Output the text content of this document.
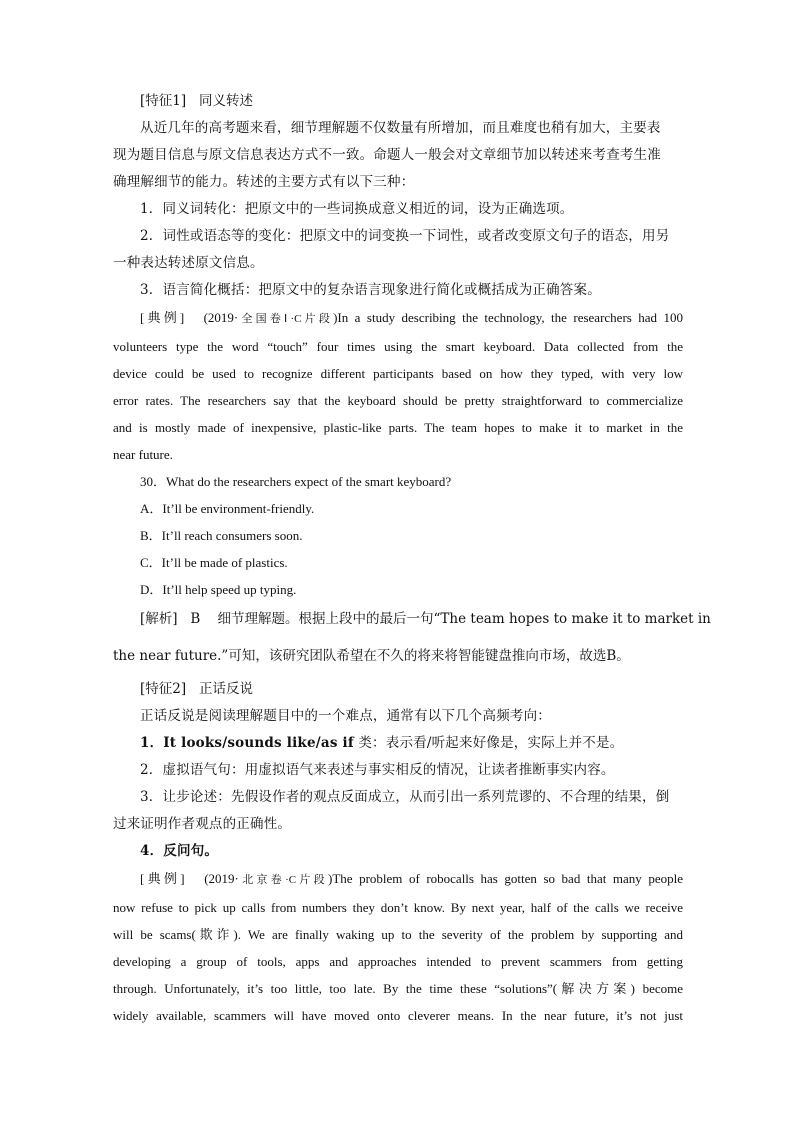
[特征1] 同义转述

从近几年的高考题来看，细节理解题不仅数量有所增加，而且难度也稍有加大，主要表

现为题目信息与原文信息表达方式不一致。命题人一般会对文章细节加以转述来考查考生准

确理解细节的能力。转述的主要方式有以下三种：

1．同义词转化：把原文中的一些词换成意义相近的词，设为正确选项。

2．词性或语态等的变化：把原文中的词变换一下词性，或者改变原文句子的语态，用另

一种表达转述原文信息。

3．语言简化概括：把原文中的复杂语言现象进行简化或概括成为正确答案。

[典例] (2019·全国卷Ⅰ·C片段)In a study describing the technology, the researchers had 100

volunteers type the word “touch” four times using the smart keyboard. Data collected from the

device could be used to recognize different participants based on how they typed, with very low

error rates. The researchers say that the keyboard should be pretty straightforward to commercialize

and is mostly made of inexpensive, plastic-like parts. The team hopes to make it to market in the

near future.

30．What do the researchers expect of the smart keyboard?

A．It’ll be environment-friendly.

B．It’ll reach consumers soon.

C．It’ll be made of plastics.

D．It’ll help speed up typing.

[解析] B 细节理解题。根据上段中的最后一句“The team hopes to make it to market in

the near future.”可知，该研究团队希望在不久的将来将智能键盘推向市场，故选B。

[特征2] 正话反说

正话反说是阅读理解题目中的一个难点，通常有以下几个高频考向：

1．It looks/sounds like/as if 类：表示看/听起来好像是，实际上并不是。

2．虚拟语气句：用虚拟语气来表述与事实相反的情况，让读者推断事实内容。

3．让步论述：先假设作者的观点反面成立，从而引出一系列荒谬的、不合理的结果，倒

过来证明作者观点的正确性。

4．反问句。

[典例] (2019·北京卷·C片段)The problem of robocalls has gotten so bad that many people

now refuse to pick up calls from numbers they don’t know. By next year, half of the calls we receive

will be scams(欺诈). We are finally waking up to the severity of the problem by supporting and

developing a group of tools, apps and approaches intended to prevent scammers from getting

through. Unfortunately, it’s too little, too late. By the time these “solutions”(解决方案) become

widely available, scammers will have moved onto cleverer means. In the near future, it’s not just
